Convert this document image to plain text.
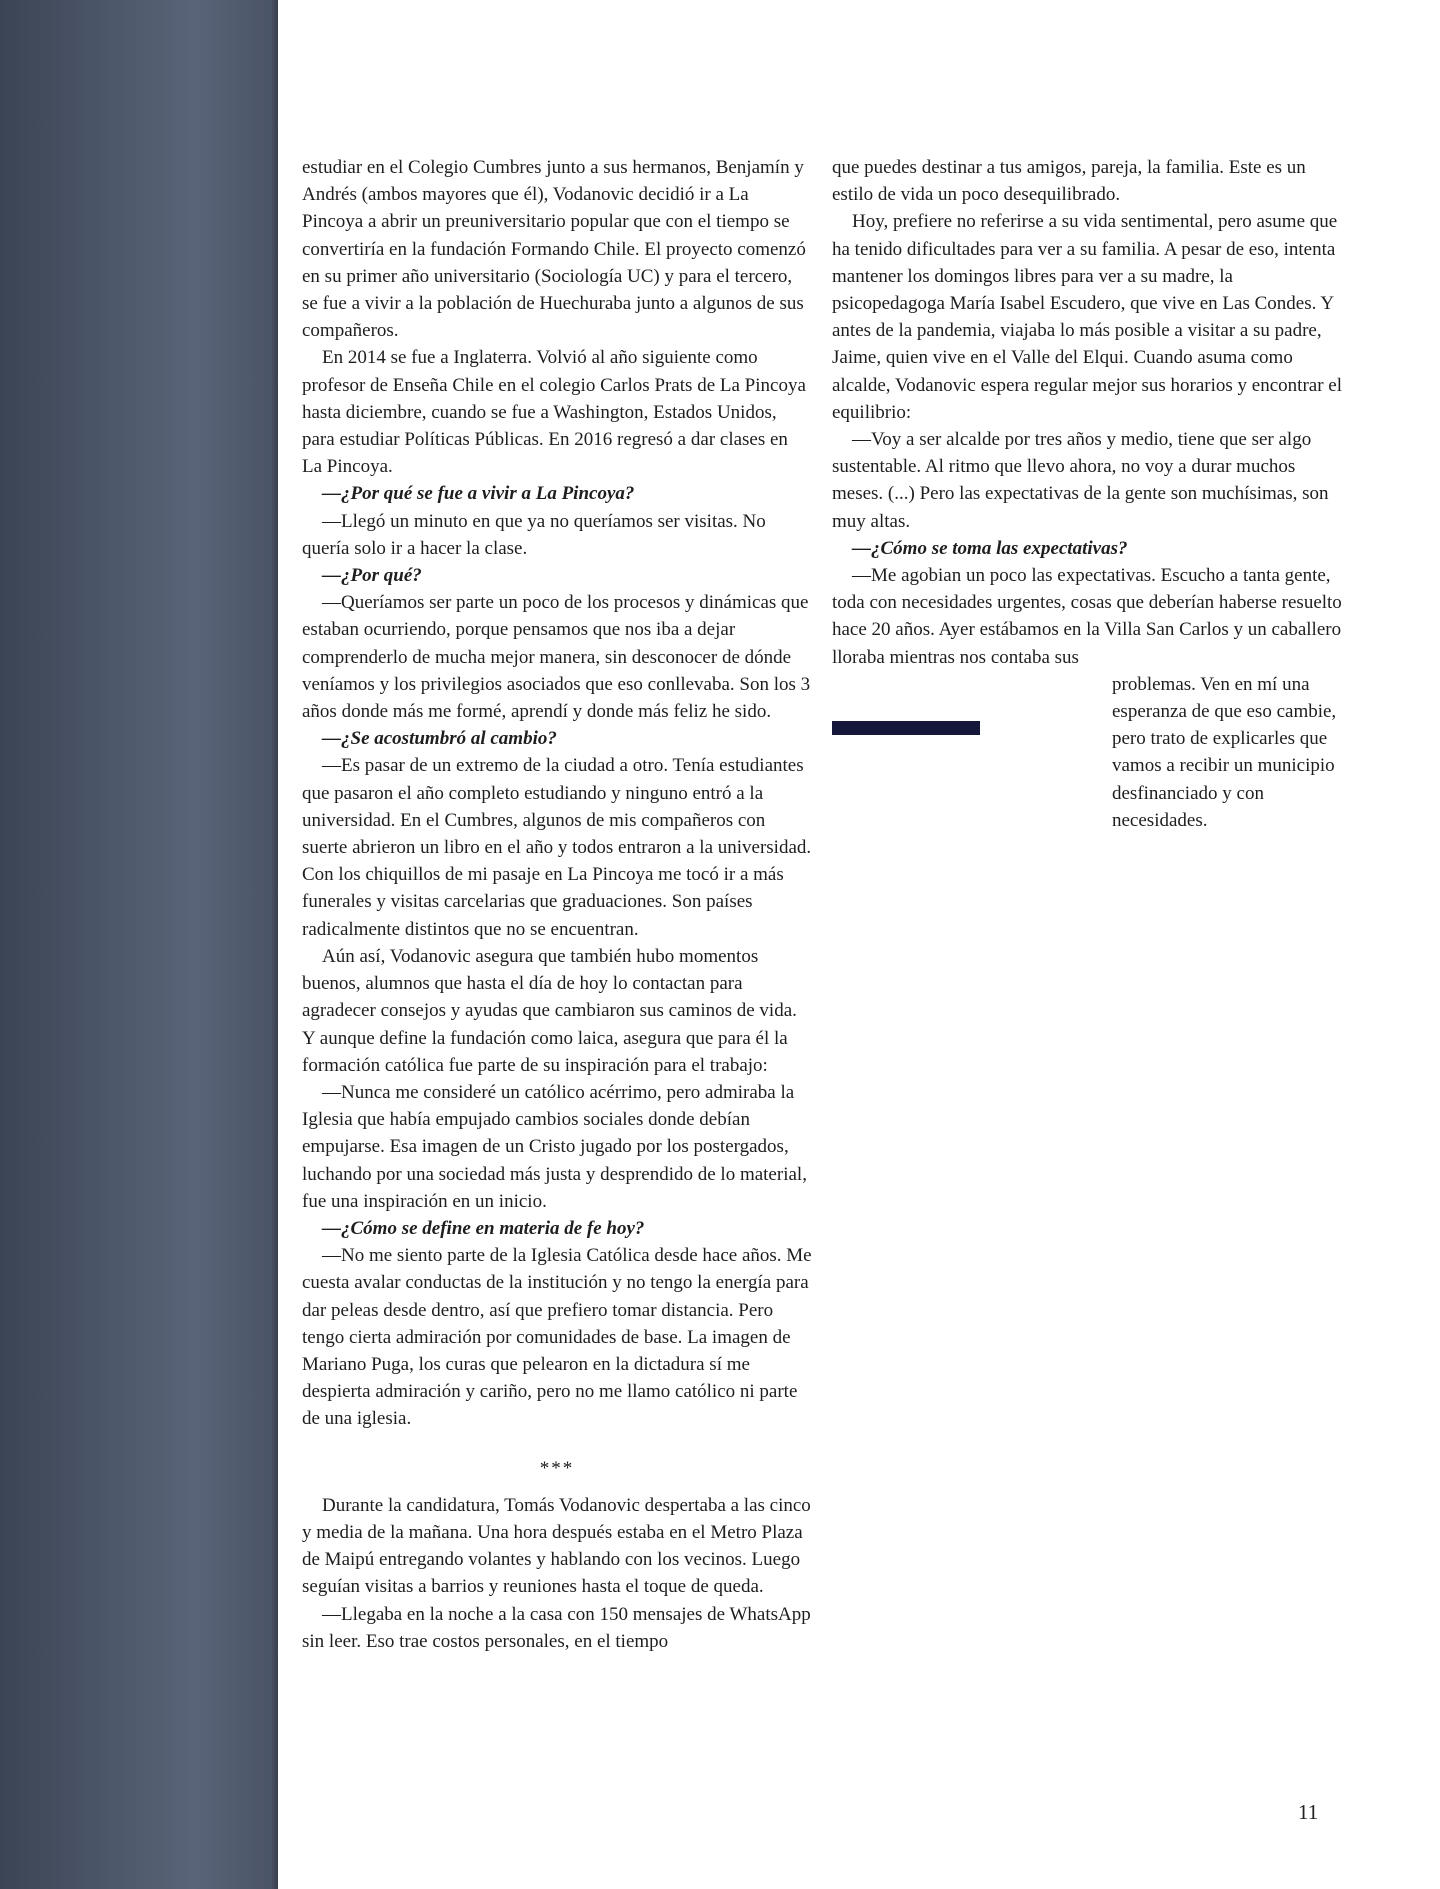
estudiar en el Colegio Cumbres junto a sus hermanos, Benjamín y Andrés (ambos mayores que él), Vodanovic decidió ir a La Pincoya a abrir un preuniversitario popular que con el tiempo se convertiría en la fundación Formando Chile. El proyecto comenzó en su primer año universitario (Sociología UC) y para el tercero, se fue a vivir a la población de Huechuraba junto a algunos de sus compañeros.

En 2014 se fue a Inglaterra. Volvió al año siguiente como profesor de Enseña Chile en el colegio Carlos Prats de La Pincoya hasta diciembre, cuando se fue a Washington, Estados Unidos, para estudiar Políticas Públicas. En 2016 regresó a dar clases en La Pincoya.

—¿Por qué se fue a vivir a La Pincoya?

—Llegó un minuto en que ya no queríamos ser visitas. No quería solo ir a hacer la clase.

—¿Por qué?

—Queríamos ser parte un poco de los procesos y dinámicas que estaban ocurriendo, porque pensamos que nos iba a dejar comprenderlo de mucha mejor manera, sin desconocer de dónde veníamos y los privilegios asociados que eso conllevaba. Son los 3 años donde más me formé, aprendí y donde más feliz he sido.

—¿Se acostumbró al cambio?

—Es pasar de un extremo de la ciudad a otro. Tenía estudiantes que pasaron el año completo estudiando y ninguno entró a la universidad. En el Cumbres, algunos de mis compañeros con suerte abrieron un libro en el año y todos entraron a la universidad. Con los chiquillos de mi pasaje en La Pincoya me tocó ir a más funerales y visitas carcelarias que graduaciones. Son países radicalmente distintos que no se encuentran.

Aún así, Vodanovic asegura que también hubo momentos buenos, alumnos que hasta el día de hoy lo contactan para agradecer consejos y ayudas que cambiaron sus caminos de vida. Y aunque define la fundación como laica, asegura que para él la formación católica fue parte de su inspiración para el trabajo:

—Nunca me consideré un católico acérrimo, pero admiraba la Iglesia que había empujado cambios sociales donde debían empujarse. Esa imagen de un Cristo jugado por los postergados, luchando por una sociedad más justa y desprendido de lo material, fue una inspiración en un inicio.

—¿Cómo se define en materia de fe hoy?

—No me siento parte de la Iglesia Católica desde hace años. Me cuesta avalar conductas de la institución y no tengo la energía para dar peleas desde dentro, así que prefiero tomar distancia. Pero tengo cierta admiración por comunidades de base. La imagen de Mariano Puga, los curas que pelearon en la dictadura sí me despierta admiración y cariño, pero no me llamo católico ni parte de una iglesia.

***

Durante la candidatura, Tomás Vodanovic despertaba a las cinco y media de la mañana. Una hora después estaba en el Metro Plaza de Maipú entregando volantes y hablando con los vecinos. Luego seguían visitas a barrios y reuniones hasta el toque de queda.

—Llegaba en la noche a la casa con 150 mensajes de WhatsApp sin leer. Eso trae costos personales, en el tiempo

que puedes destinar a tus amigos, pareja, la familia. Este es un estilo de vida un poco desequilibrado.

Hoy, prefiere no referirse a su vida sentimental, pero asume que ha tenido dificultades para ver a su familia. A pesar de eso, intenta mantener los domingos libres para ver a su madre, la psicopedagoga María Isabel Escudero, que vive en Las Condes. Y antes de la pandemia, viajaba lo más posible a visitar a su padre, Jaime, quien vive en el Valle del Elqui. Cuando asuma como alcalde, Vodanovic espera regular mejor sus horarios y encontrar el equilibrio:

—Voy a ser alcalde por tres años y medio, tiene que ser algo sustentable. Al ritmo que llevo ahora, no voy a durar muchos meses. (...) Pero las expectativas de la gente son muchísimas, son muy altas.

—¿Cómo se toma las expectativas?

—Me agobian un poco las expectativas. Escucho a tanta gente, toda con necesidades urgentes, cosas que deberían haberse resuelto hace 20 años. Ayer estábamos en la Villa San Carlos y un caballero lloraba mientras nos contaba sus

problemas. Ven en mí una esperanza de que eso cambie, pero trato de explicarles que vamos a recibir un municipio desfinanciado y con necesidades.

11
